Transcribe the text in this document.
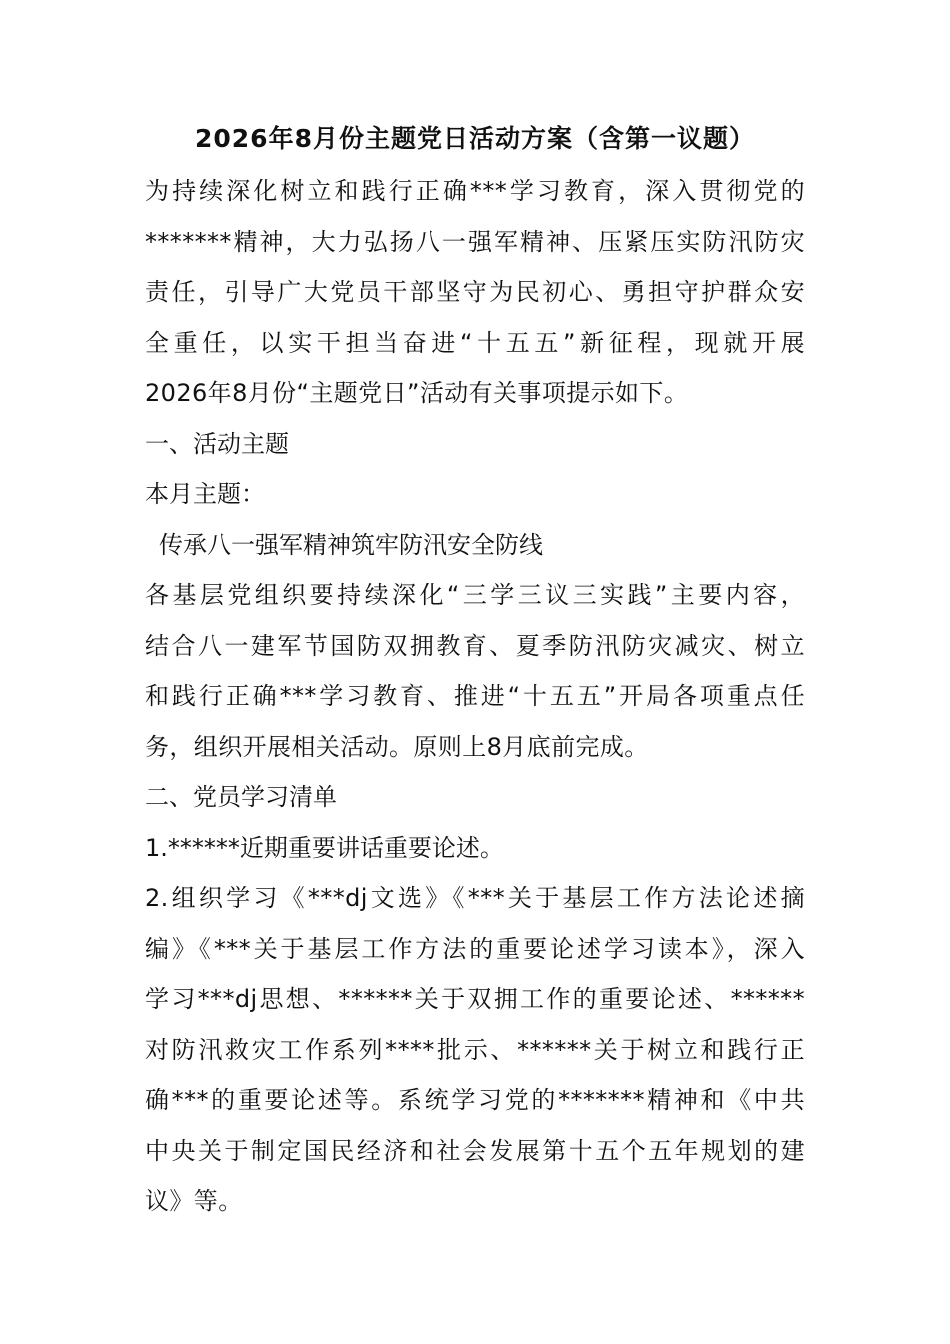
2026年8月份主题党日活动方案（含第一议题）

为持续深化树立和践行正确***学习教育，深入贯彻党的
*******精神，大力弘扬八一强军精神、压紧压实防汛防灾
责任，引导广大党员干部坚守为民初心、勇担守护群众安
全重任，以实干担当奋进“十五五”新征程，现就开展
2026年8月份“主题党日”活动有关事项提示如下。

一、活动主题
本月主题：
传承八一强军精神筑牢防汛安全防线

各基层党组织要持续深化“三学三议三实践”主要内容，
结合八一建军节国防双拥教育、夏季防汛防灾减灾、树立
和践行正确***学习教育、推进“十五五”开局各项重点任
务，组织开展相关活动。原则上8月底前完成。

二、党员学习清单
1.******近期重要讲话重要论述。

2.组织学习《***dj文选》《***关于基层工作方法论述摘
编》《***关于基层工作方法的重要论述学习读本》，深入
学习***dj思想、******关于双拥工作的重要论述、******
对防汛救灾工作系列****批示、******关于树立和践行正
确***的重要论述等。系统学习党的*******精神和《中共
中央关于制定国民经济和社会发展第十五个五年规划的建
议》等。
